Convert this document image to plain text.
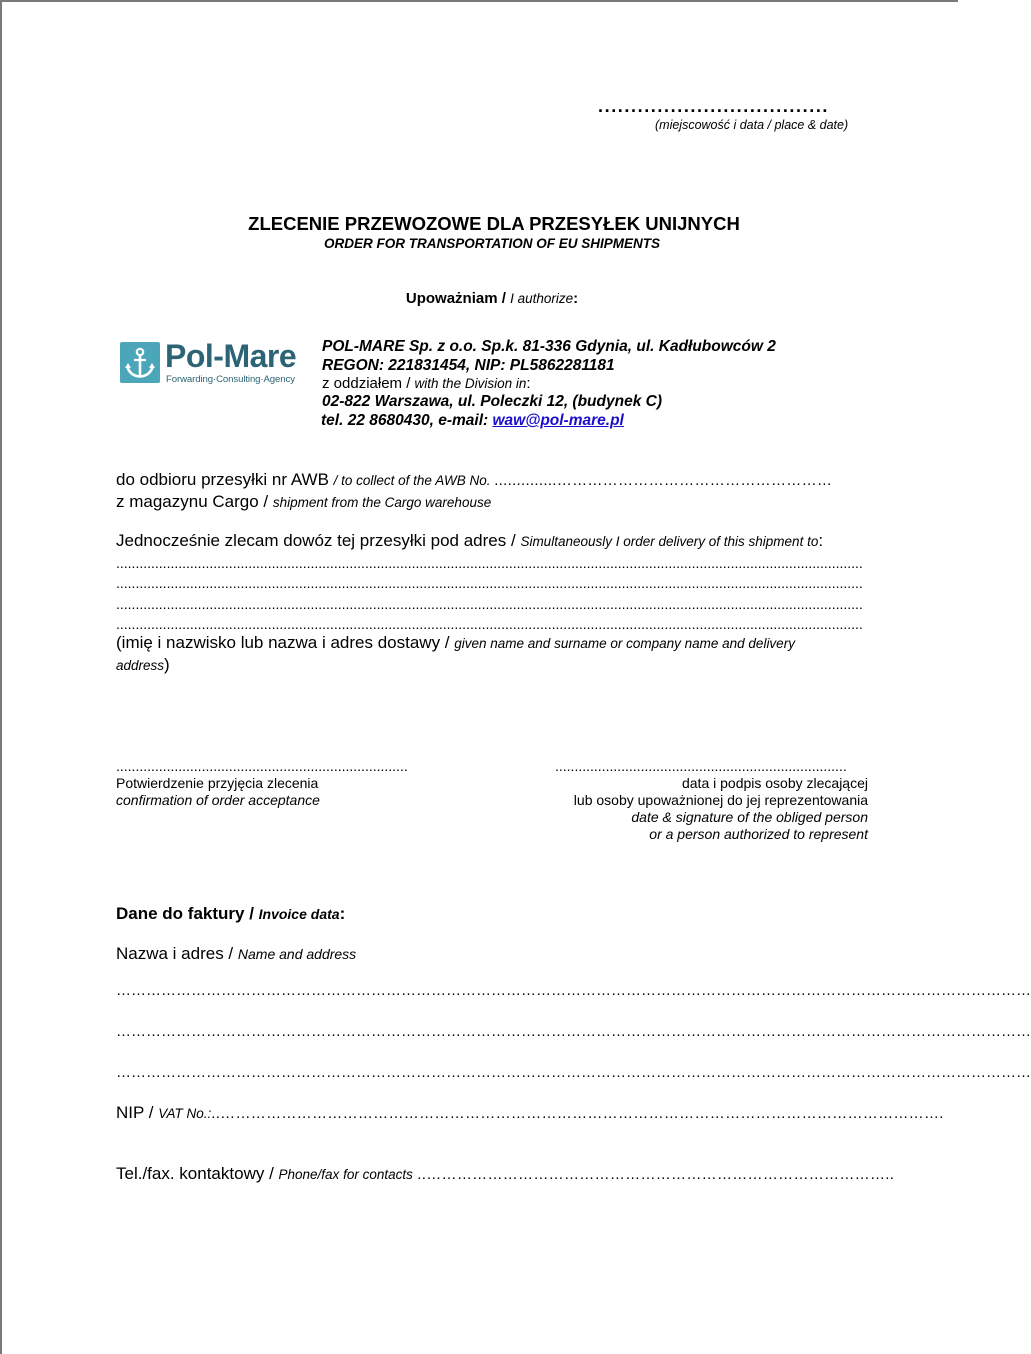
...................................
(miejscowość i data / place & date)
ZLECENIE PRZEWOZOWE DLA PRZESYŁEK UNIJNYCH
ORDER FOR TRANSPORTATION OF EU SHIPMENTS
Upoważniam / I authorize:
Pol-Mare
Forwarding·Consulting·Agency
POL-MARE Sp. z o.o. Sp.k. 81-336 Gdynia, ul. Kadłubowców 2
REGON: 221831454, NIP: PL5862281181
z oddziałem / with the Division in:
02-822 Warszawa, ul. Poleczki 12, (budynek C)
tel. 22 8680430, e-mail: waw@pol-mare.pl
do odbioru przesyłki nr AWB / to collect of the AWB No. ..............………………………………………………
z magazynu Cargo / shipment from the Cargo warehouse
Jednocześnie zlecam dowóz tej przesyłki pod adres / Simultaneously I order delivery of this shipment to:
................................................................................................................................................................................................
................................................................................................................................................................................................
................................................................................................................................................................................................
................................................................................................................................................................................................
(imię i nazwisko lub nazwa i adres dostawy / given name and surname or company name and delivery
address)
...........................................................................
Potwierdzenie przyjęcia zlecenia
confirmation of order acceptance
...........................................................................
data i podpis osoby zlecającej
lub osoby upoważnionej do jej reprezentowania
date & signature of the obliged person
or a person authorized to represent
Dane do faktury / Invoice data:
Nazwa i adres / Name and address
…………………………………………………………………………………………………………………………………………………………………
…………………………………………………………………………………………………………………………………………………………………
…………………………………………………………………………………………………………………………………………………………………
NIP / VAT No.:..…………………………………………………………………………………………………………………………….
Tel./fax. kontaktowy / Phone/fax for contacts ..………………………………………………………………………………..
